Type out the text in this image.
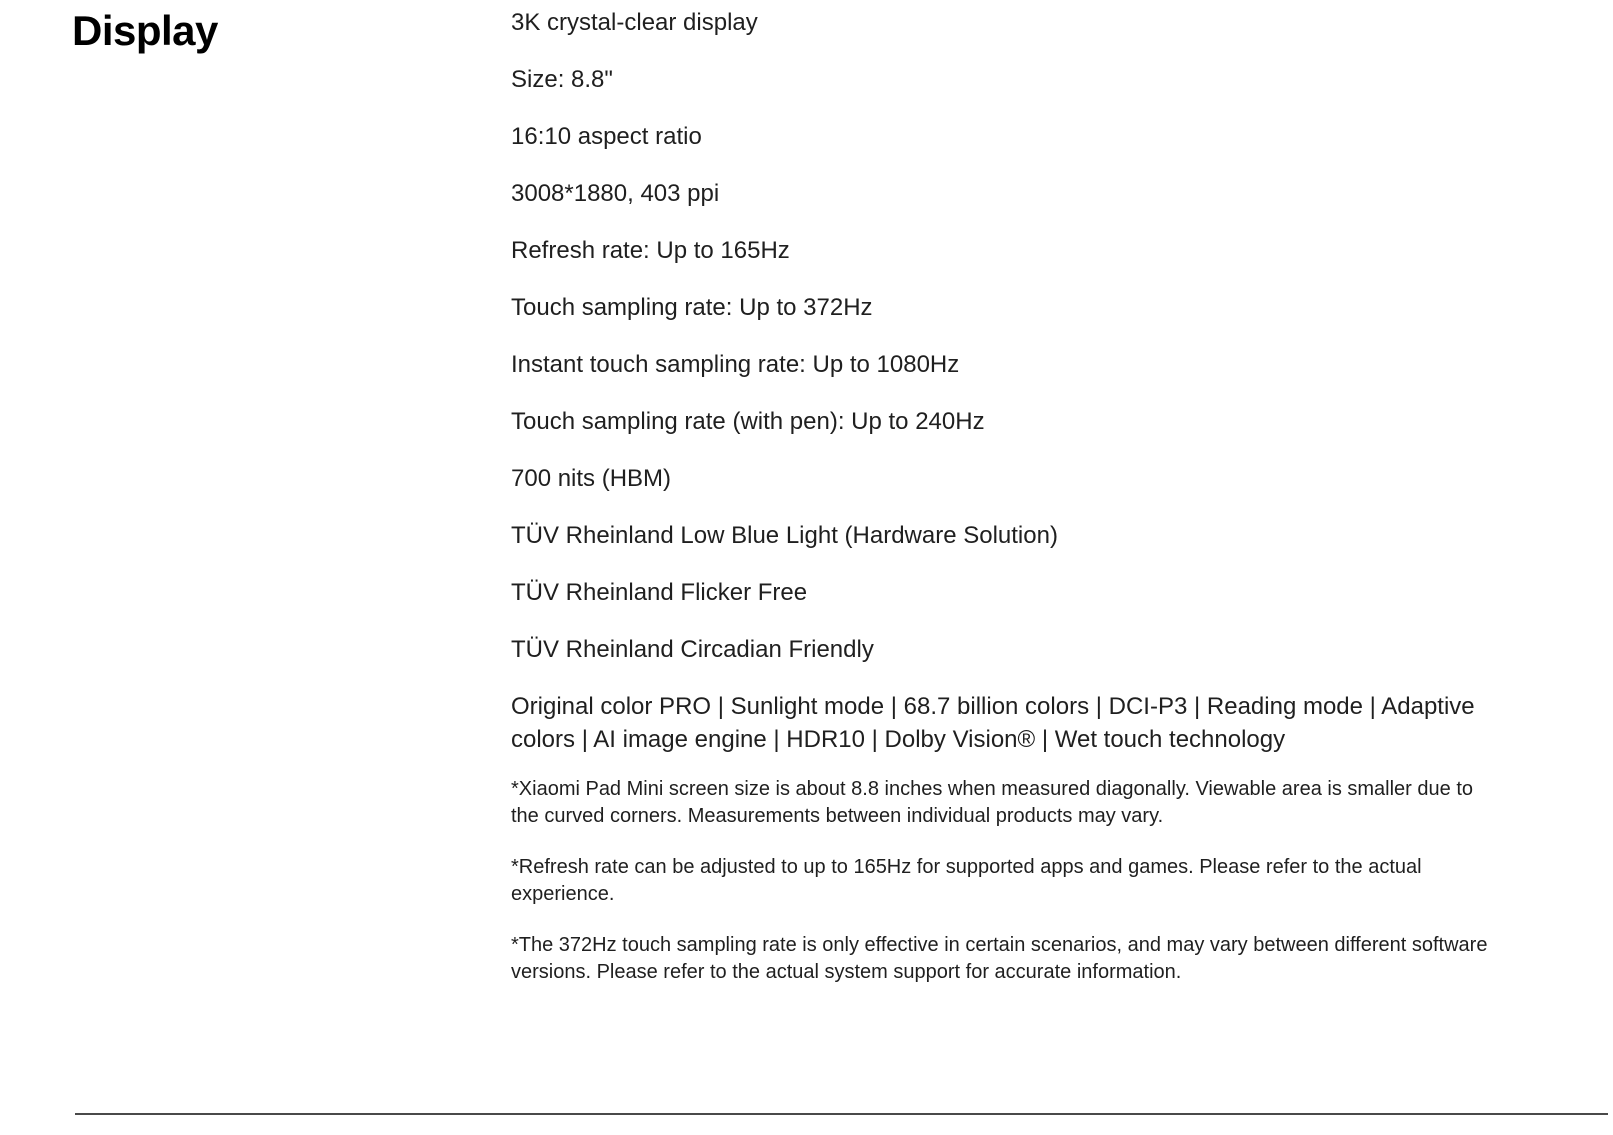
Display	3K crystal-clear display

Size: 8.8"

16:10 aspect ratio

3008*1880, 403 ppi

Refresh rate: Up to 165Hz

Touch sampling rate: Up to 372Hz

Instant touch sampling rate: Up to 1080Hz

Touch sampling rate (with pen): Up to 240Hz

700 nits (HBM)

TÜV Rheinland Low Blue Light (Hardware Solution)

TÜV Rheinland Flicker Free

TÜV Rheinland Circadian Friendly

Original color PRO | Sunlight mode | 68.7 billion colors | DCI-P3 | Reading mode | Adaptive colors | AI image engine | HDR10 | Dolby Vision® | Wet touch technology

*Xiaomi Pad Mini screen size is about 8.8 inches when measured diagonally. Viewable area is smaller due to the curved corners. Measurements between individual products may vary.

*Refresh rate can be adjusted to up to 165Hz for supported apps and games. Please refer to the actual experience.

*The 372Hz touch sampling rate is only effective in certain scenarios, and may vary between different software versions. Please refer to the actual system support for accurate information.
